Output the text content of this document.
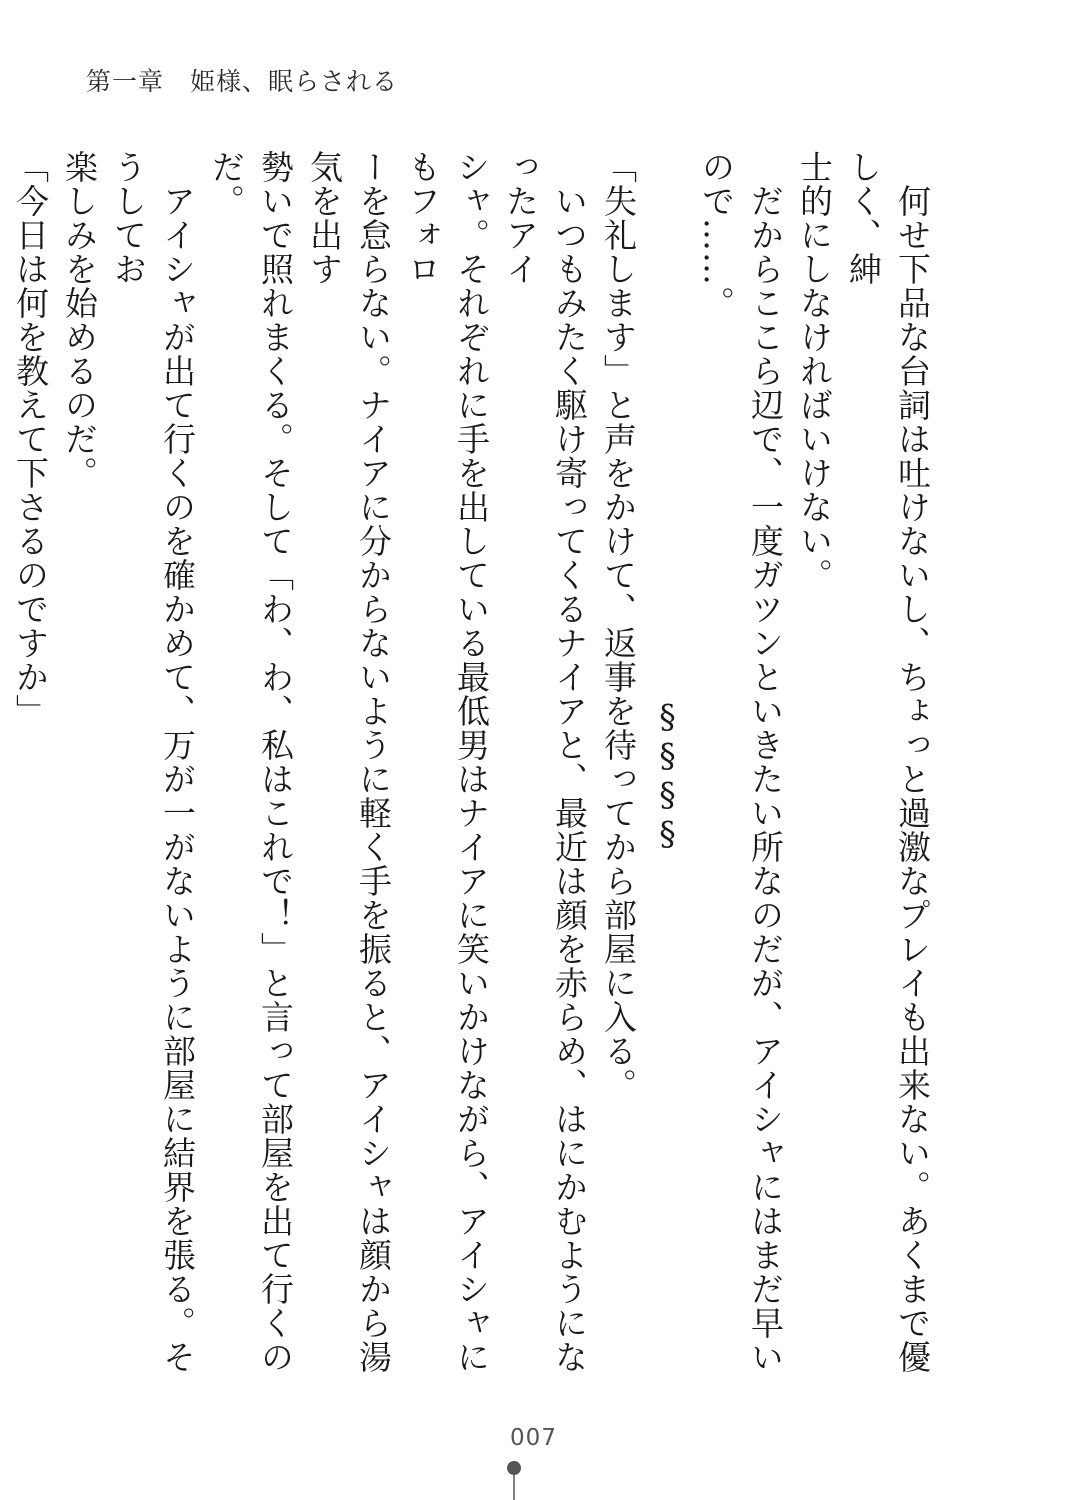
第一章　姫様、眠らされる

　何せ下品な台詞は吐けないし、ちょっと過激なプレイも出来ない。あくまで優しく、紳

士的にしなければいけない。

　だからここら辺で、一度ガツンといきたい所なのだが、アイシャにはまだ早いので……。

§§§§

「失礼します」と声をかけて、返事を待ってから部屋に入る。

　いつもみたく駆け寄ってくるナイアと、最近は顔を赤らめ、はにかむようになったアイ

シャ。それぞれに手を出している最低男はナイアに笑いかけながら、アイシャにもフォロ

ーを怠らない。ナイアに分からないように軽く手を振ると、アイシャは顔から湯気を出す

勢いで照れまくる。そして「わ、わ、私はこれで！」と言って部屋を出て行くのだ。

　アイシャが出て行くのを確かめて、万が一がないように部屋に結界を張る。そうしてお

楽しみを始めるのだ。

「今日は何を教えて下さるのですか」

007
